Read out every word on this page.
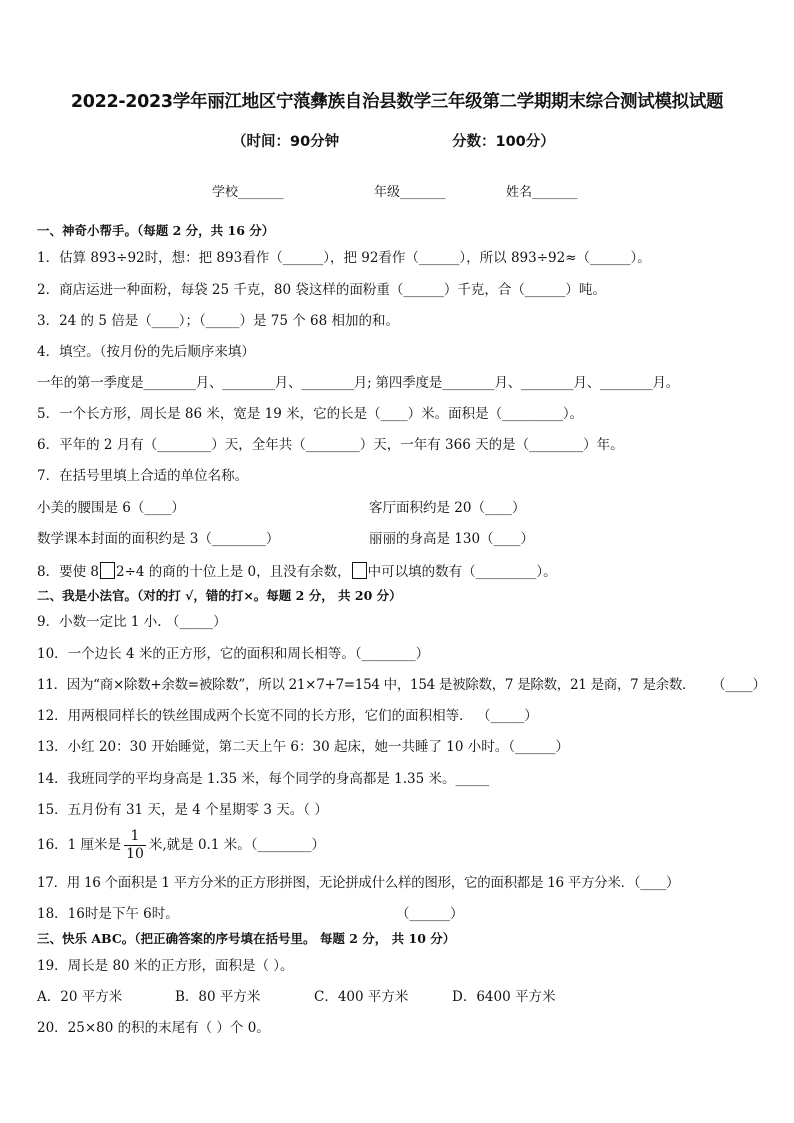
2022-2023学年丽江地区宁蒗彝族自治县数学三年级第二学期期末综合测试模拟试题
（时间：90分钟	分数：100分）
学校_______	年级_______	姓名_______
一、神奇小帮手。（每题 2 分，共 16 分）
1．估算 893÷92时，想：把 893看作（______），把 92看作（______），所以 893÷92≈（______）。
2．商店运进一种面粉，每袋 25 千克，80 袋这样的面粉重（______）千克，合（______）吨。
3．24 的 5 倍是（____）；（_____）是 75 个 68 相加的和。
4．填空。（按月份的先后顺序来填）
一年的第一季度是________月、________月、________月; 第四季度是________月、________月、________月。
5．一个长方形，周长是 86 米，宽是 19 米，它的长是（____）米。面积是（_________）。
6．平年的 2 月有（________）天，全年共（________）天，一年有 366 天的是（________）年。
7．在括号里填上合适的单位名称。
小美的腰围是 6（____）	客厅面积约是 20（____）
数学课本封面的面积约是 3（________）	丽丽的身高是 130（____）
8．要使 8 2÷4 的商的十位上是 0，且没有余数， 中可以填的数有（_________）。
二、我是小法官。（对的打 √，错的打×。每题 2 分， 共 20 分）
9．小数一定比 1 小. （_____）
10．一个边长 4 米的正方形，它的面积和周长相等。（________）
11．因为“商×除数+余数=被除数”，所以 21×7+7=154 中，154 是被除数，7 是除数，21 是商，7 是余数． （____）
12．用两根同样长的铁丝围成两个长宽不同的长方形，它们的面积相等． （_____）
13．小红 20：30 开始睡觉，第二天上午 6：30 起床，她一共睡了 10 小时。（______）
14．我班同学的平均身高是 1.35 米，每个同学的身高都是 1.35 米。_____
15．五月份有 31 天，是 4 个星期零 3 天。（ ）
16．1 厘米是 $\frac{1}{10}$ 米,就是 0.1 米。（________）
17．用 16 个面积是 1 平方分米的正方形拼图，无论拼成什么样的图形，它的面积都是 16 平方分米．（____）
18．16时是下午 6时。	（______）
三、快乐 ABC。（把正确答案的序号填在括号里。 每题 2 分， 共 10 分）
19．周长是 80 米的正方形，面积是（ ）。
A．20 平方米	B．80 平方米	C．400 平方米	D．6400 平方米
20．25×80 的积的末尾有（ ）个 0。
